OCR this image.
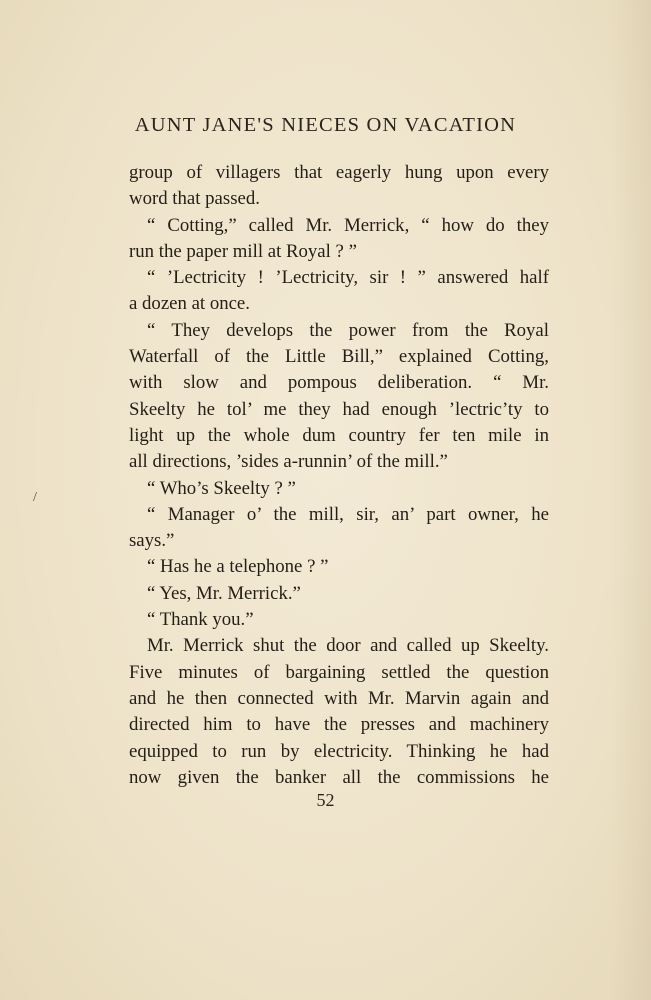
AUNT JANE'S NIECES ON VACATION
group of villagers that eagerly hung upon every
word that passed.
“ Cotting,” called Mr. Merrick, “ how do they
run the paper mill at Royal ? ”
“ ’Lectricity ! ’Lectricity, sir ! ” answered half
a dozen at once.
“ They develops the power from the Royal
Waterfall of the Little Bill,” explained Cotting,
with slow and pompous deliberation. “ Mr.
Skeelty he tol’ me they had enough ’lectric’ty to
light up the whole dum country fer ten mile in
all directions, ’sides a-runnin’ of the mill.”
“ Who’s Skeelty ? ”
“ Manager o’ the mill, sir, an’ part owner, he
says.”
“ Has he a telephone ? ”
“ Yes, Mr. Merrick.”
“ Thank you.”
Mr. Merrick shut the door and called up Skeelty.
Five minutes of bargaining settled the question
and he then connected with Mr. Marvin again and
directed him to have the presses and machinery
equipped to run by electricity. Thinking he had
now given the banker all the commissions he
52
/
